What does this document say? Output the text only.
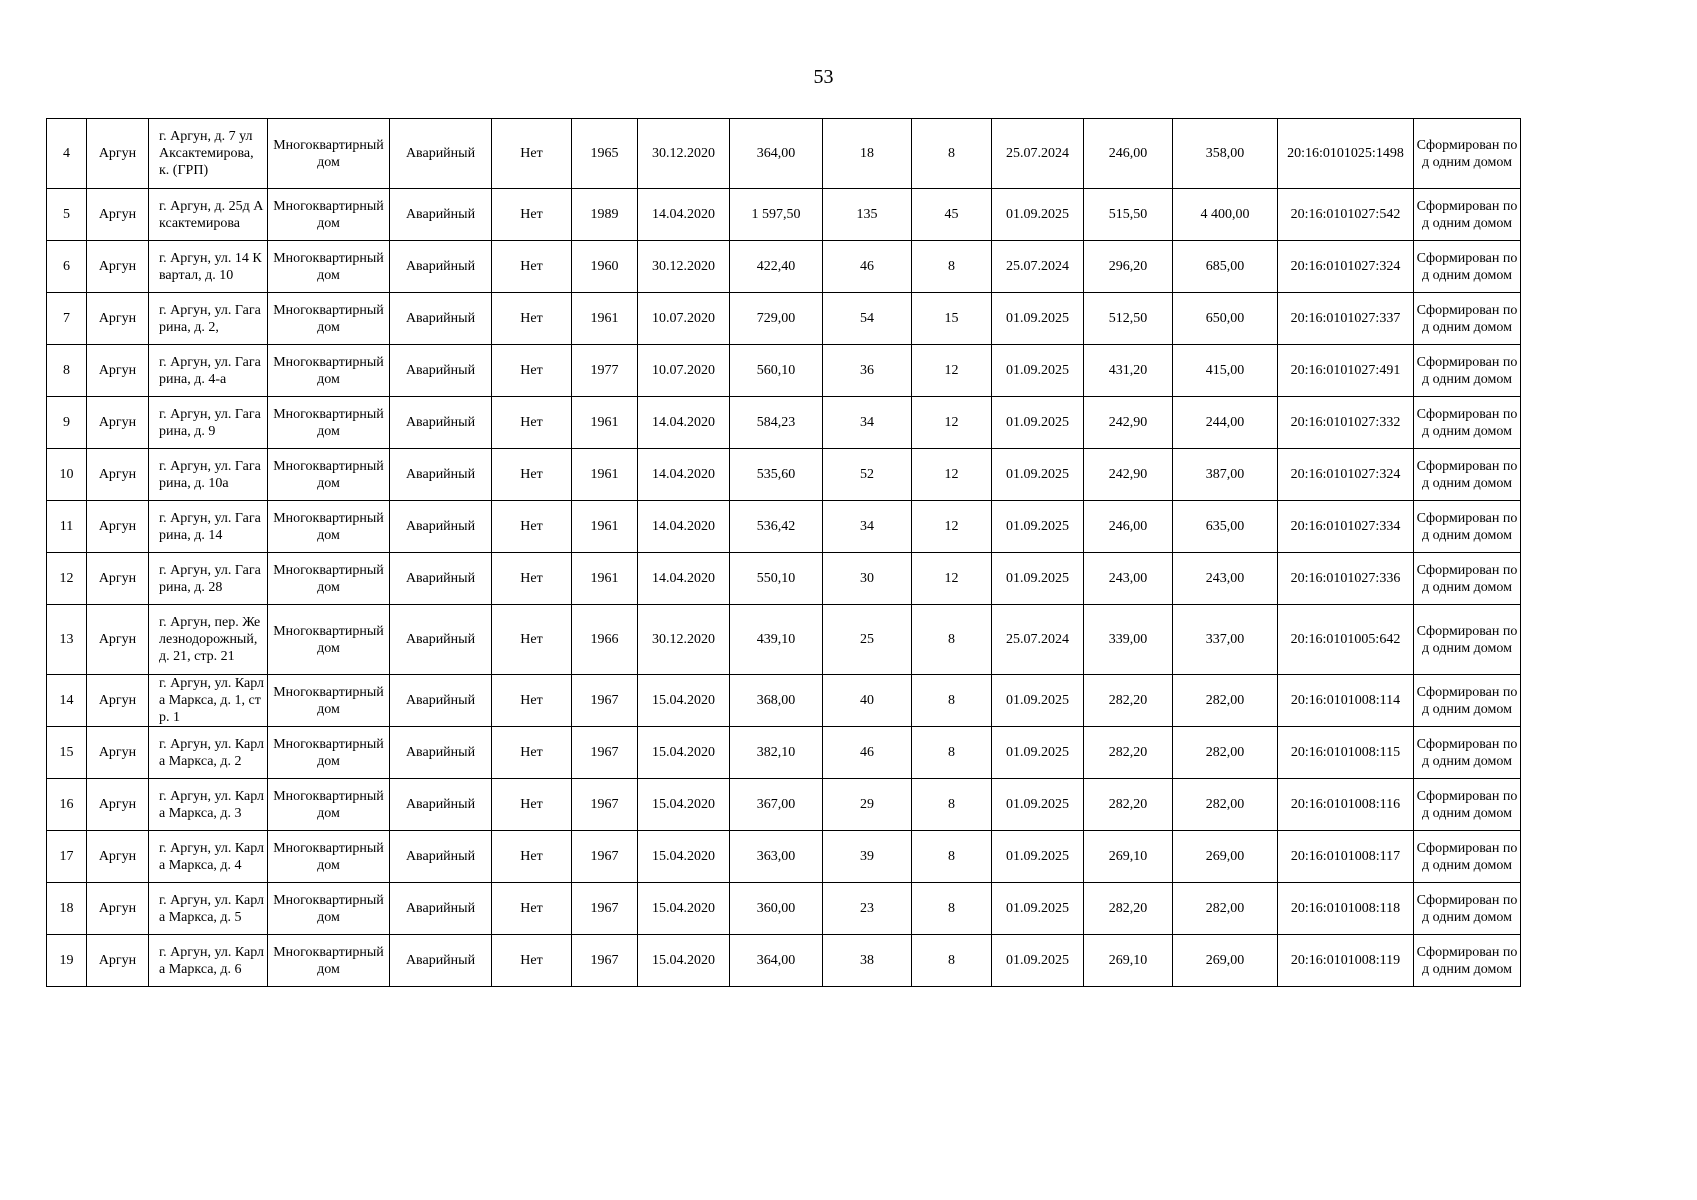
53
4	Аргун	г. Аргун, д. 7 ул Аксактемирова, к. (ГРП)	Многоквартирный дом	Аварийный	Нет	1965	30.12.2020	364,00	18	8	25.07.2024	246,00	358,00	20:16:0101025:1498	Сформирован под одним домом
5	Аргун	г. Аргун, д. 25д Аксактемирова	Многоквартирный дом	Аварийный	Нет	1989	14.04.2020	1 597,50	135	45	01.09.2025	515,50	4 400,00	20:16:0101027:542	Сформирован под одним домом
6	Аргун	г. Аргун, ул. 14 Квартал, д. 10	Многоквартирный дом	Аварийный	Нет	1960	30.12.2020	422,40	46	8	25.07.2024	296,20	685,00	20:16:0101027:324	Сформирован под одним домом
7	Аргун	г. Аргун, ул. Гагарина, д. 2,	Многоквартирный дом	Аварийный	Нет	1961	10.07.2020	729,00	54	15	01.09.2025	512,50	650,00	20:16:0101027:337	Сформирован под одним домом
8	Аргун	г. Аргун, ул. Гагарина, д. 4-а	Многоквартирный дом	Аварийный	Нет	1977	10.07.2020	560,10	36	12	01.09.2025	431,20	415,00	20:16:0101027:491	Сформирован под одним домом
9	Аргун	г. Аргун, ул. Гагарина, д. 9	Многоквартирный дом	Аварийный	Нет	1961	14.04.2020	584,23	34	12	01.09.2025	242,90	244,00	20:16:0101027:332	Сформирован под одним домом
10	Аргун	г. Аргун, ул. Гагарина, д. 10а	Многоквартирный дом	Аварийный	Нет	1961	14.04.2020	535,60	52	12	01.09.2025	242,90	387,00	20:16:0101027:324	Сформирован под одним домом
11	Аргун	г. Аргун, ул. Гагарина, д. 14	Многоквартирный дом	Аварийный	Нет	1961	14.04.2020	536,42	34	12	01.09.2025	246,00	635,00	20:16:0101027:334	Сформирован под одним домом
12	Аргун	г. Аргун, ул. Гагарина, д. 28	Многоквартирный дом	Аварийный	Нет	1961	14.04.2020	550,10	30	12	01.09.2025	243,00	243,00	20:16:0101027:336	Сформирован под одним домом
13	Аргун	г. Аргун, пер. Железнодорожный, д. 21, стр. 21	Многоквартирный дом	Аварийный	Нет	1966	30.12.2020	439,10	25	8	25.07.2024	339,00	337,00	20:16:0101005:642	Сформирован под одним домом
14	Аргун	г. Аргун, ул. Карла Маркса, д. 1, стр. 1	Многоквартирный дом	Аварийный	Нет	1967	15.04.2020	368,00	40	8	01.09.2025	282,20	282,00	20:16:0101008:114	Сформирован под одним домом
15	Аргун	г. Аргун, ул. Карла Маркса, д. 2	Многоквартирный дом	Аварийный	Нет	1967	15.04.2020	382,10	46	8	01.09.2025	282,20	282,00	20:16:0101008:115	Сформирован под одним домом
16	Аргун	г. Аргун, ул. Карла Маркса, д. 3	Многоквартирный дом	Аварийный	Нет	1967	15.04.2020	367,00	29	8	01.09.2025	282,20	282,00	20:16:0101008:116	Сформирован под одним домом
17	Аргун	г. Аргун, ул. Карла Маркса, д. 4	Многоквартирный дом	Аварийный	Нет	1967	15.04.2020	363,00	39	8	01.09.2025	269,10	269,00	20:16:0101008:117	Сформирован под одним домом
18	Аргун	г. Аргун, ул. Карла Маркса, д. 5	Многоквартирный дом	Аварийный	Нет	1967	15.04.2020	360,00	23	8	01.09.2025	282,20	282,00	20:16:0101008:118	Сформирован под одним домом
19	Аргун	г. Аргун, ул. Карла Маркса, д. 6	Многоквартирный дом	Аварийный	Нет	1967	15.04.2020	364,00	38	8	01.09.2025	269,10	269,00	20:16:0101008:119	Сформирован под одним домом
